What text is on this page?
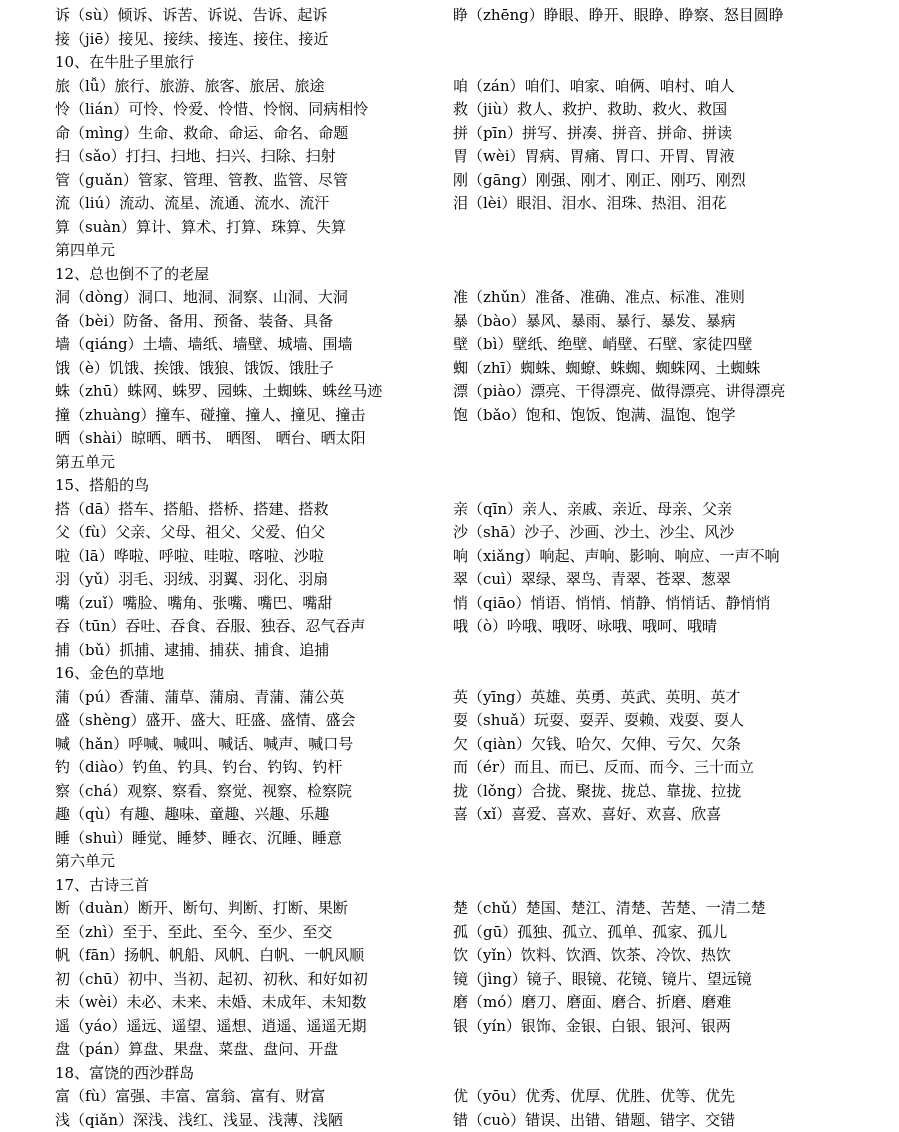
诉（sù）倾诉、诉苦、诉说、告诉、起诉	睁（zhēng）睁眼、睁开、眼睁、睁察、怒目圆睁
接（jiē）接见、接续、接连、接住、接近
10、在牛肚子里旅行
旅（lǚ）旅行、旅游、旅客、旅居、旅途	咱（zán）咱们、咱家、咱俩、咱村、咱人
怜（lián）可怜、怜爱、怜惜、怜悯、同病相怜	救（jiù）救人、救护、救助、救火、救国
命（mìng）生命、救命、命运、命名、命题	拼（pīn）拼写、拼凑、拼音、拼命、拼读
扫（sǎo）打扫、扫地、扫兴、扫除、扫射	胃（wèi）胃病、胃痛、胃口、开胃、胃液
管（guǎn）管家、管理、管教、监管、尽管	刚（gāng）刚强、刚才、刚正、刚巧、刚烈
流（liú）流动、流星、流通、流水、流汗	泪（lèi）眼泪、泪水、泪珠、热泪、泪花
算（suàn）算计、算术、打算、珠算、失算
第四单元
12、总也倒不了的老屋
洞（dòng）洞口、地洞、洞察、山洞、大洞	准（zhǔn）准备、准确、准点、标准、准则
备（bèi）防备、备用、预备、装备、具备	暴（bào）暴风、暴雨、暴行、暴发、暴病
墙（qiáng）土墙、墙纸、墙壁、城墙、围墙	壁（bì）壁纸、绝壁、峭壁、石壁、家徒四壁
饿（è）饥饿、挨饿、饿狼、饿饭、饿肚子	蜘（zhī）蜘蛛、蜘蟟、蛛蜘、蜘蛛网、土蜘蛛
蛛（zhū）蛛网、蛛罗、园蛛、土蜘蛛、蛛丝马迹	漂（piào）漂亮、干得漂亮、做得漂亮、讲得漂亮
撞（zhuàng）撞车、碰撞、撞人、撞见、撞击	饱（bǎo）饱和、饱饭、饱满、温饱、饱学
晒（shài）晾晒、晒书、 晒图、 晒台、晒太阳
第五单元
15、搭船的鸟
搭（dā）搭车、搭船、搭桥、搭建、搭救	亲（qīn）亲人、亲戚、亲近、母亲、父亲
父（fù）父亲、父母、祖父、父爱、伯父	沙（shā）沙子、沙画、沙土、沙尘、风沙
啦（lā）哗啦、呼啦、哇啦、喀啦、沙啦	响（xiǎng）响起、声响、影响、响应、一声不响
羽（yǔ）羽毛、羽绒、羽翼、羽化、羽扇	翠（cuì）翠绿、翠鸟、青翠、苍翠、葱翠
嘴（zuǐ）嘴脸、嘴角、张嘴、嘴巴、嘴甜	悄（qiāo）悄语、悄悄、悄静、悄悄话、静悄悄
吞（tūn）吞吐、吞食、吞服、独吞、忍气吞声	哦（ò）吟哦、哦呀、咏哦、哦呵、哦晴
捕（bǔ）抓捕、逮捕、捕获、捕食、追捕
16、金色的草地
蒲（pú）香蒲、蒲草、蒲扇、青蒲、蒲公英	英（yīng）英雄、英勇、英武、英明、英才
盛（shèng）盛开、盛大、旺盛、盛情、盛会	耍（shuǎ）玩耍、耍弄、耍赖、戏耍、耍人
喊（hǎn）呼喊、喊叫、喊话、喊声、喊口号	欠（qiàn）欠钱、哈欠、欠伸、亏欠、欠条
钓（diào）钓鱼、钓具、钓台、钓钩、钓杆	而（ér）而且、而已、反而、而今、三十而立
察（chá）观察、察看、察觉、视察、检察院	拢（lǒng）合拢、聚拢、拢总、靠拢、拉拢
趣（qù）有趣、趣味、童趣、兴趣、乐趣	喜（xǐ）喜爱、喜欢、喜好、欢喜、欣喜
睡（shuì）睡觉、睡梦、睡衣、沉睡、睡意
第六单元
17、古诗三首
断（duàn）断开、断句、判断、打断、果断	楚（chǔ）楚国、楚江、清楚、苦楚、一清二楚
至（zhì）至于、至此、至今、至少、至交	孤（gū）孤独、孤立、孤单、孤家、孤儿
帆（fān）扬帆、帆船、风帆、白帆、一帆风顺	饮（yǐn）饮料、饮酒、饮茶、冷饮、热饮
初（chū）初中、当初、起初、初秋、和好如初	镜（jìng）镜子、眼镜、花镜、镜片、望远镜
未（wèi）未必、未来、未婚、未成年、未知数	磨（mó）磨刀、磨面、磨合、折磨、磨难
遥（yáo）遥远、遥望、遥想、逍遥、遥遥无期	银（yín）银饰、金银、白银、银河、银两
盘（pán）算盘、果盘、菜盘、盘问、开盘
18、富饶的西沙群岛
富（fù）富强、丰富、富翁、富有、财富	优（yōu）优秀、优厚、优胜、优等、优先
浅（qiǎn）深浅、浅红、浅显、浅薄、浅陋	错（cuò）错误、出错、错题、错字、交错
